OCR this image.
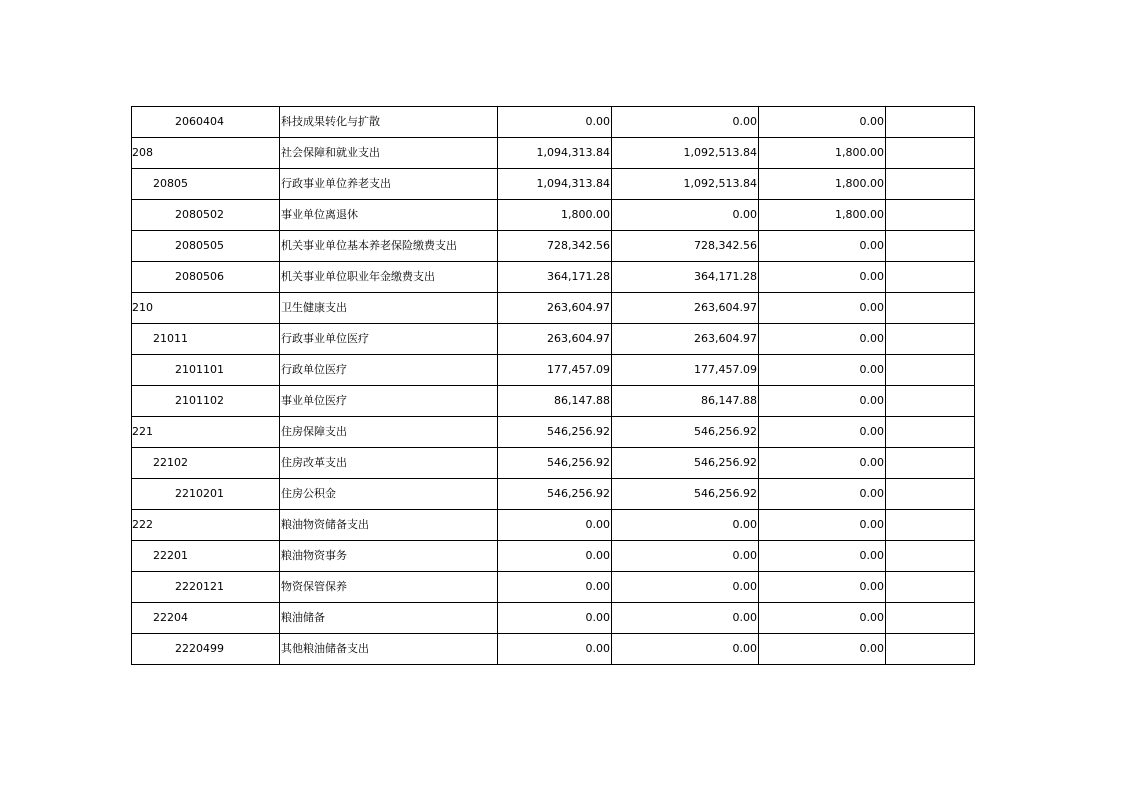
2060404	科技成果转化与扩散	0.00	0.00	0.00	
208	社会保障和就业支出	1,094,313.84	1,092,513.84	1,800.00	
20805	行政事业单位养老支出	1,094,313.84	1,092,513.84	1,800.00	
2080502	事业单位离退休	1,800.00	0.00	1,800.00	
2080505	机关事业单位基本养老保险缴费支出	728,342.56	728,342.56	0.00	
2080506	机关事业单位职业年金缴费支出	364,171.28	364,171.28	0.00	
210	卫生健康支出	263,604.97	263,604.97	0.00	
21011	行政事业单位医疗	263,604.97	263,604.97	0.00	
2101101	行政单位医疗	177,457.09	177,457.09	0.00	
2101102	事业单位医疗	86,147.88	86,147.88	0.00	
221	住房保障支出	546,256.92	546,256.92	0.00	
22102	住房改革支出	546,256.92	546,256.92	0.00	
2210201	住房公积金	546,256.92	546,256.92	0.00	
222	粮油物资储备支出	0.00	0.00	0.00	
22201	粮油物资事务	0.00	0.00	0.00	
2220121	物资保管保养	0.00	0.00	0.00	
22204	粮油储备	0.00	0.00	0.00	
2220499	其他粮油储备支出	0.00	0.00	0.00	
